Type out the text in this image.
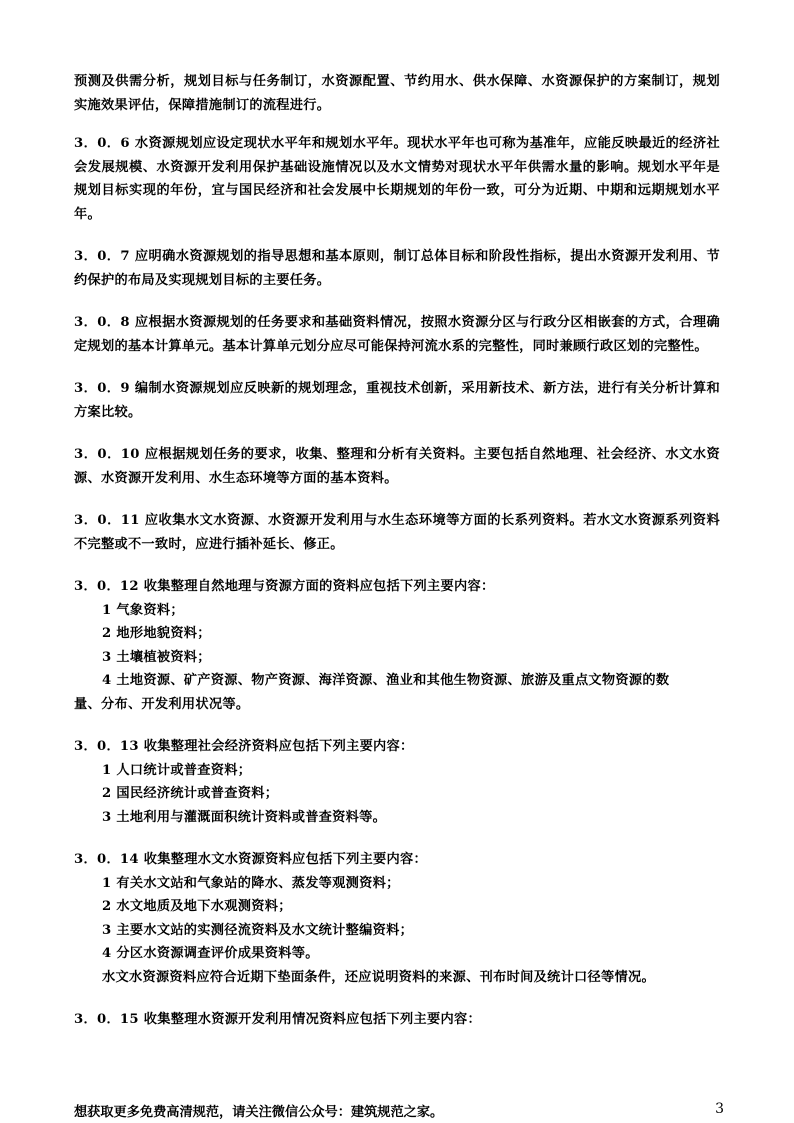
预测及供需分析，规划目标与任务制订，水资源配置、节约用水、供水保障、水资源保护的方案制订，规划实施效果评估，保障措施制订的流程进行。

3．0．6 水资源规划应设定现状水平年和规划水平年。现状水平年也可称为基准年，应能反映最近的经济社会发展规模、水资源开发利用保护基础设施情况以及水文情势对现状水平年供需水量的影响。规划水平年是规划目标实现的年份，宜与国民经济和社会发展中长期规划的年份一致，可分为近期、中期和远期规划水平年。

3．0．7 应明确水资源规划的指导思想和基本原则，制订总体目标和阶段性指标，提出水资源开发利用、节约保护的布局及实现规划目标的主要任务。

3．0．8 应根据水资源规划的任务要求和基础资料情况，按照水资源分区与行政分区相嵌套的方式，合理确定规划的基本计算单元。基本计算单元划分应尽可能保持河流水系的完整性，同时兼顾行政区划的完整性。

3．0．9 编制水资源规划应反映新的规划理念，重视技术创新，采用新技术、新方法，进行有关分析计算和方案比较。

3．0．10 应根据规划任务的要求，收集、整理和分析有关资料。主要包括自然地理、社会经济、水文水资源、水资源开发利用、水生态环境等方面的基本资料。

3．0．11 应收集水文水资源、水资源开发利用与水生态环境等方面的长系列资料。若水文水资源系列资料不完整或不一致时，应进行插补延长、修正。

3．0．12 收集整理自然地理与资源方面的资料应包括下列主要内容：

1 气象资料；

2 地形地貌资料；

3 土壤植被资料；

4 土地资源、矿产资源、物产资源、海洋资源、渔业和其他生物资源、旅游及重点文物资源的数

量、分布、开发利用状况等。

3．0．13 收集整理社会经济资料应包括下列主要内容：

1 人口统计或普查资料；

2 国民经济统计或普查资料；

3 土地利用与灌溉面积统计资料或普查资料等。

3．0．14 收集整理水文水资源资料应包括下列主要内容：

1 有关水文站和气象站的降水、蒸发等观测资料；

2 水文地质及地下水观测资料；

3 主要水文站的实测径流资料及水文统计整编资料；

4 分区水资源调查评价成果资料等。

水文水资源资料应符合近期下垫面条件，还应说明资料的来源、刊布时间及统计口径等情况。

3．0．15 收集整理水资源开发利用情况资料应包括下列主要内容：

想获取更多免费高清规范，请关注微信公众号：建筑规范之家。	3
